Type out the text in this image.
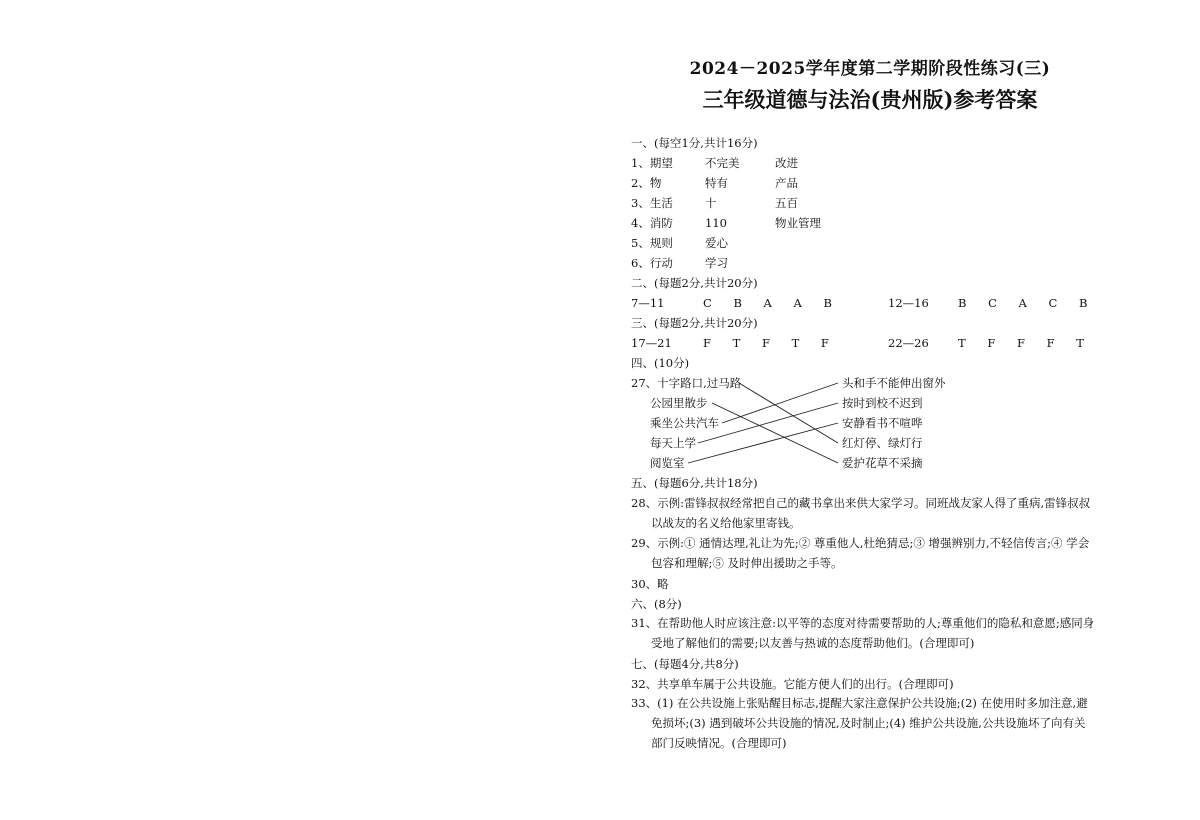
2024－2025学年度第二学期阶段性练习(三)
三年级道德与法治(贵州版)参考答案
一、(每空1分,共计16分)
1、期望	不完美	改进
2、物	特有	产品
3、生活	十	五百
4、消防	110	物业管理
5、规则	爱心
6、行动	学习
二、(每题2分,共计20分)
7—11	C B A A B	12—16	B C A C B
三、(每题2分,共计20分)
17—21	F T F T F	22—26	T F F F T
四、(10分)
27、十字路口,过马路
公园里散步
乘坐公共汽车
每天上学
阅览室
头和手不能伸出窗外
按时到校不迟到
安静看书不喧哗
红灯停、绿灯行
爱护花草不采摘
五、(每题6分,共计18分)
28、示例:雷锋叔叔经常把自己的藏书拿出来供大家学习。同班战友家人得了重病,雷锋叔叔
以战友的名义给他家里寄钱。
29、示例:① 通情达理,礼让为先;② 尊重他人,杜绝猜忌;③ 增强辨别力,不轻信传言;④ 学会
包容和理解;⑤ 及时伸出援助之手等。
30、略
六、(8分)
31、在帮助他人时应该注意:以平等的态度对待需要帮助的人;尊重他们的隐私和意愿;感同身
受地了解他们的需要;以友善与热诚的态度帮助他们。(合理即可)
七、(每题4分,共8分)
32、共享单车属于公共设施。它能方便人们的出行。(合理即可)
33、(1) 在公共设施上张贴醒目标志,提醒大家注意保护公共设施;(2) 在使用时多加注意,避
免损坏;(3) 遇到破坏公共设施的情况,及时制止;(4) 维护公共设施,公共设施坏了向有关
部门反映情况。(合理即可)
